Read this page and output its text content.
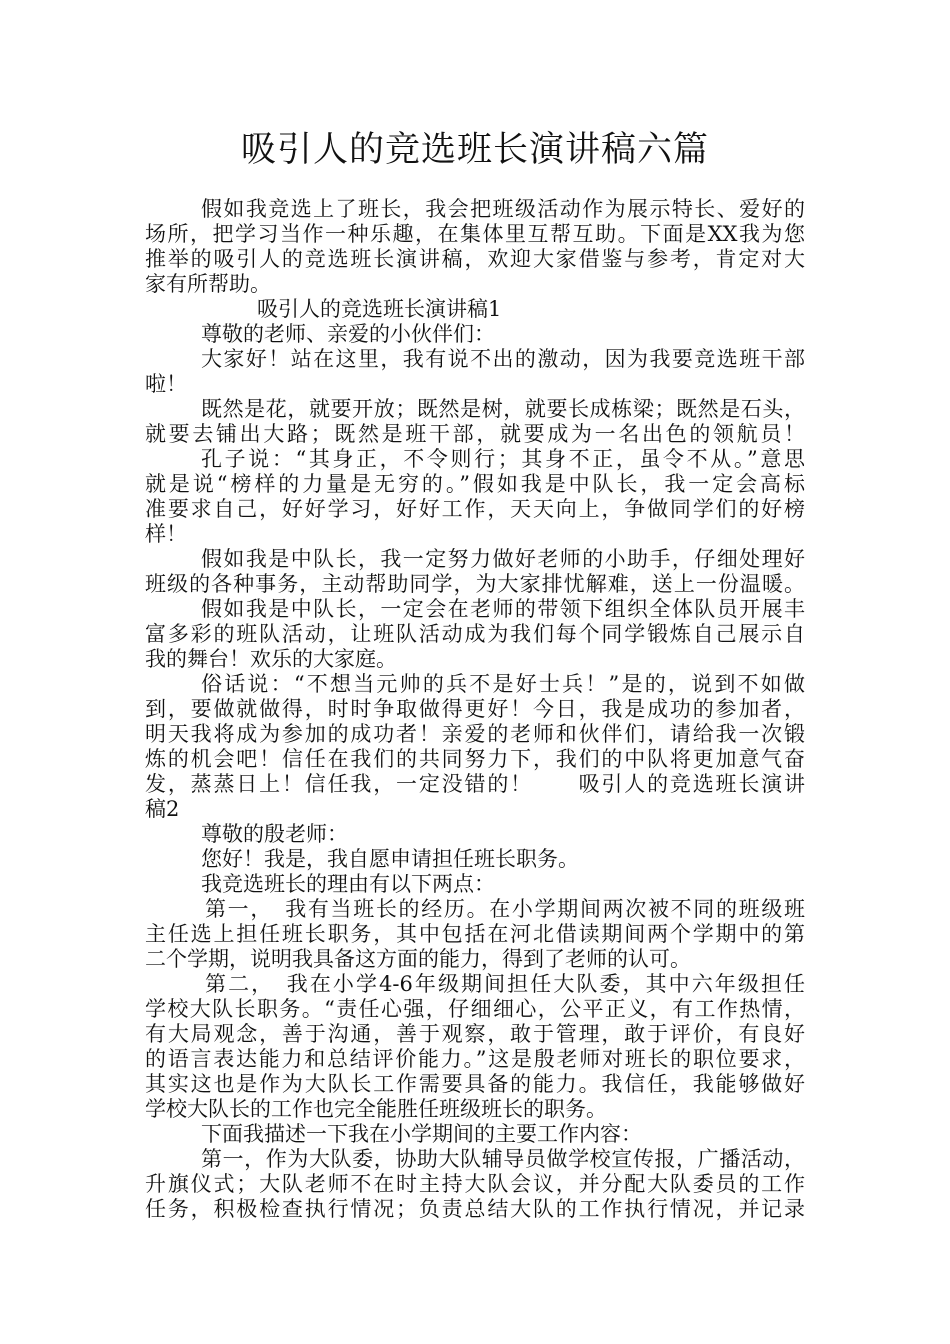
吸引人的竞选班长演讲稿六篇
假如我竞选上了班长，我会把班级活动作为展示特长、爱好的
场所，把学习当作一种乐趣，在集体里互帮互助。下面是XX我为您
推举的吸引人的竞选班长演讲稿，欢迎大家借鉴与参考，肯定对大
家有所帮助。
吸引人的竞选班长演讲稿1
尊敬的老师、亲爱的小伙伴们：
大家好！站在这里，我有说不出的激动，因为我要竞选班干部
啦！
既然是花，就要开放；既然是树，就要长成栋梁；既然是石头，
就要去铺出大路；既然是班干部，就要成为一名出色的领航员！
孔子说：“其身正，不令则行；其身不正，虽令不从。”意思
就是说“榜样的力量是无穷的。”假如我是中队长，我一定会高标
准要求自己，好好学习，好好工作，天天向上，争做同学们的好榜
样！
假如我是中队长，我一定努力做好老师的小助手，仔细处理好
班级的各种事务，主动帮助同学，为大家排忧解难，送上一份温暖。
假如我是中队长，一定会在老师的带领下组织全体队员开展丰
富多彩的班队活动，让班队活动成为我们每个同学锻炼自己展示自
我的舞台！欢乐的大家庭。
俗话说：“不想当元帅的兵不是好士兵！”是的，说到不如做
到，要做就做得，时时争取做得更好！今日，我是成功的参加者，
明天我将成为参加的成功者！亲爱的老师和伙伴们，请给我一次锻
炼的机会吧！信任在我们的共同努力下，我们的中队将更加意气奋
发，蒸蒸日上！信任我，一定没错的！　　吸引人的竞选班长演讲
稿2
尊敬的殷老师：
您好！我是，我自愿申请担任班长职务。
我竞选班长的理由有以下两点：
第一，　我有当班长的经历。在小学期间两次被不同的班级班
主任选上担任班长职务，其中包括在河北借读期间两个学期中的第
二个学期，说明我具备这方面的能力，得到了老师的认可。
第二，　我在小学4-6年级期间担任大队委，其中六年级担任
学校大队长职务。“责任心强，仔细细心，公平正义，有工作热情，
有大局观念，善于沟通，善于观察，敢于管理，敢于评价，有良好
的语言表达能力和总结评价能力。”这是殷老师对班长的职位要求，
其实这也是作为大队长工作需要具备的能力。我信任，我能够做好
学校大队长的工作也完全能胜任班级班长的职务。
下面我描述一下我在小学期间的主要工作内容：
第一，作为大队委，协助大队辅导员做学校宣传报，广播活动，
升旗仪式；大队老师不在时主持大队会议，并分配大队委员的工作
任务，积极检查执行情况；负责总结大队的工作执行情况，并记录
